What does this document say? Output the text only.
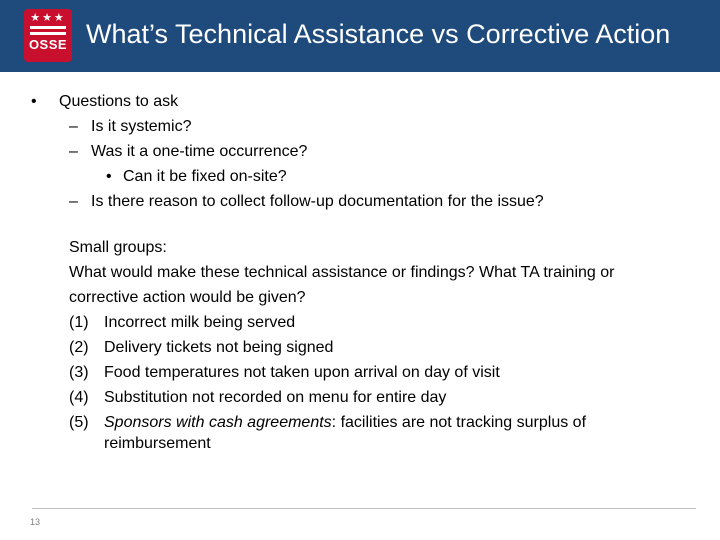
★★★
OSSE What’s Technical Assistance vs Corrective Action
• Questions to ask
– Is it systemic?
– Was it a one-time occurrence?
• Can it be fixed on-site?
– Is there reason to collect follow-up documentation for the issue?
Small groups:
What would make these technical assistance or findings? What TA training or
corrective action would be given?
(1) Incorrect milk being served
(2) Delivery tickets not being signed
(3) Food temperatures not taken upon arrival on day of visit
(4) Substitution not recorded on menu for entire day
(5) Sponsors with cash agreements: facilities are not tracking surplus of
reimbursement
13
